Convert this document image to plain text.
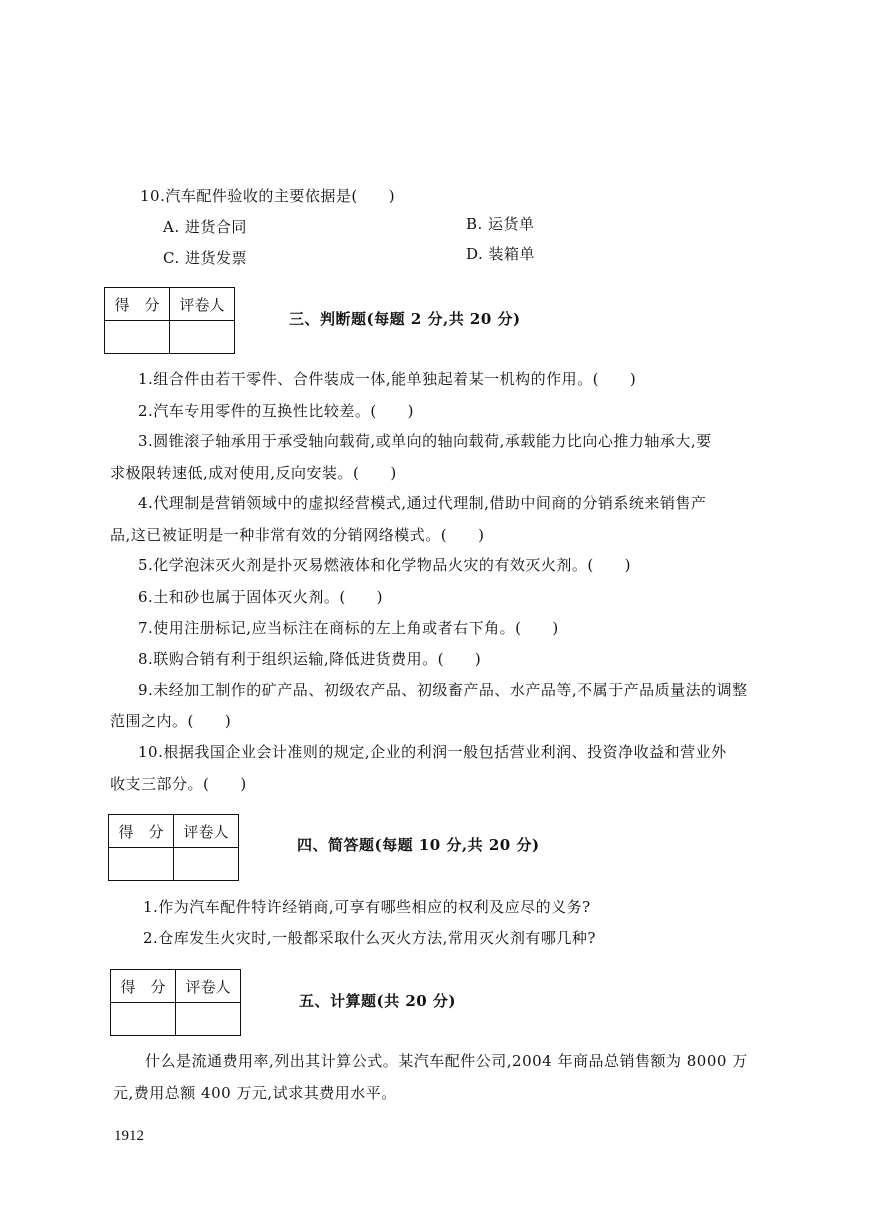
10.汽车配件验收的主要依据是(　　)
A. 进货合同	B. 运货单
C. 进货发票	D. 装箱单
得　分	评卷人

三、判断题(每题 2 分,共 20 分)
1.组合件由若干零件、合件装成一体,能单独起着某一机构的作用。(　　)
2.汽车专用零件的互换性比较差。(　　)
3.圆锥滚子轴承用于承受轴向载荷,或单向的轴向载荷,承载能力比向心推力轴承大,要
求极限转速低,成对使用,反向安装。(　　)
4.代理制是营销领域中的虚拟经营模式,通过代理制,借助中间商的分销系统来销售产
品,这已被证明是一种非常有效的分销网络模式。(　　)
5.化学泡沫灭火剂是扑灭易燃液体和化学物品火灾的有效灭火剂。(　　)
6.土和砂也属于固体灭火剂。(　　)
7.使用注册标记,应当标注在商标的左上角或者右下角。(　　)
8.联购合销有利于组织运输,降低进货费用。(　　)
9.未经加工制作的矿产品、初级农产品、初级畜产品、水产品等,不属于产品质量法的调整
范围之内。(　　)
10.根据我国企业会计准则的规定,企业的利润一般包括营业利润、投资净收益和营业外
收支三部分。(　　)
得　分	评卷人

四、简答题(每题 10 分,共 20 分)
1.作为汽车配件特许经销商,可享有哪些相应的权利及应尽的义务?
2.仓库发生火灾时,一般都采取什么灭火方法,常用灭火剂有哪几种?
得　分	评卷人

五、计算题(共 20 分)
什么是流通费用率,列出其计算公式。某汽车配件公司,2004 年商品总销售额为 8000 万
元,费用总额 400 万元,试求其费用水平。
1912
